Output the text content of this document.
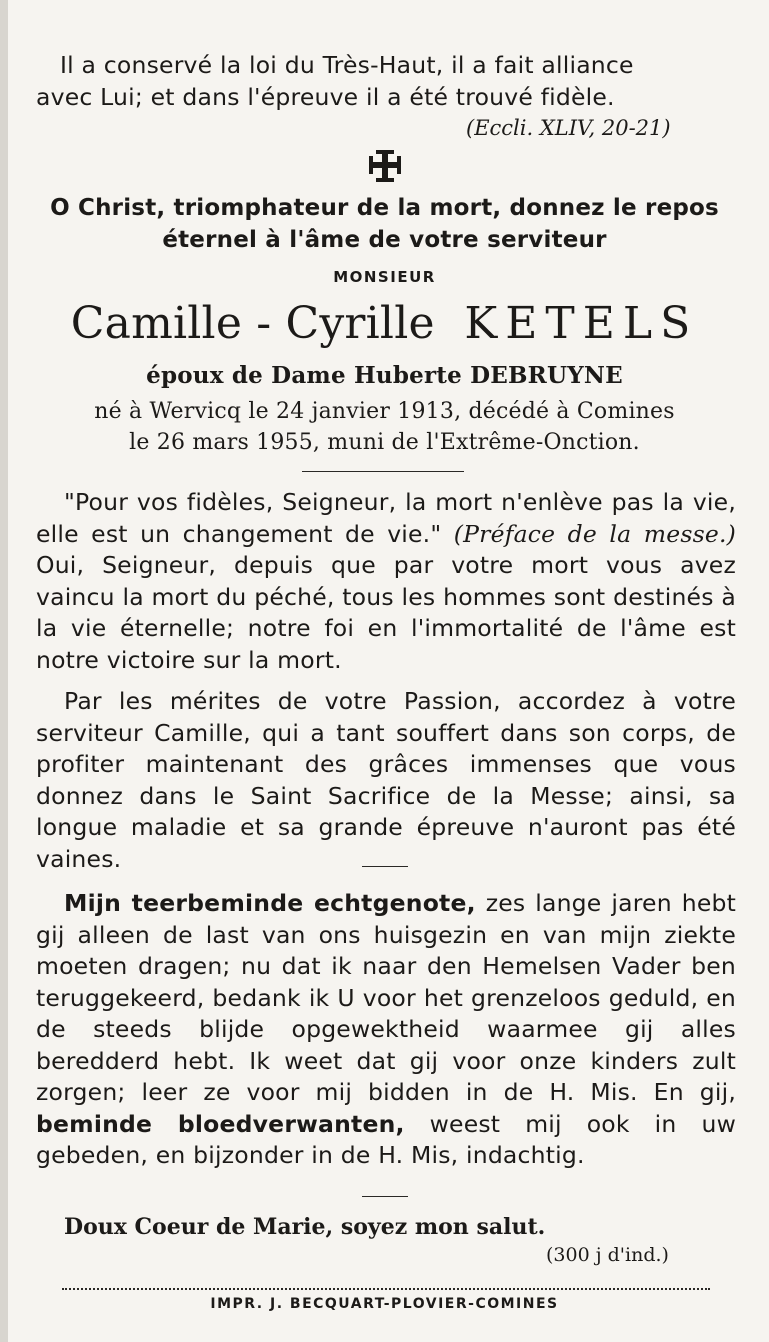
Il a conservé la loi du Très-Haut, il a fait alliance
avec Lui; et dans l'épreuve il a été trouvé fidèle.
(Eccli. XLIV, 20-21)
O Christ, triomphateur de la mort, donnez le repos
éternel à l'âme de votre serviteur
MONSIEUR
Camille - Cyrille KETELS
époux de Dame Huberte DEBRUYNE
né à Wervicq le 24 janvier 1913, décédé à Comines
le 26 mars 1955, muni de l'Extrême-Onction.
"Pour vos fidèles, Seigneur, la mort n'enlève pas la vie, elle est un changement de vie." (Préface de la messe.) Oui, Seigneur, depuis que par votre mort vous avez vaincu la mort du péché, tous les hommes sont destinés à la vie éternelle; notre foi en l'immortalité de l'âme est notre victoire sur la mort.
Par les mérites de votre Passion, accordez à votre serviteur Camille, qui a tant souffert dans son corps, de profiter maintenant des grâces immenses que vous donnez dans le Saint Sacrifice de la Messe; ainsi, sa longue maladie et sa grande épreuve n'auront pas été vaines.
Mijn teerbeminde echtgenote, zes lange jaren hebt gij alleen de last van ons huisgezin en van mijn ziekte moeten dragen; nu dat ik naar den Hemelsen Vader ben teruggekeerd, bedank ik U voor het grenzeloos geduld, en de steeds blijde opgewektheid waarmee gij alles beredderd hebt. Ik weet dat gij voor onze kinders zult zorgen; leer ze voor mij bidden in de H. Mis. En gij, beminde bloedverwanten, weest mij ook in uw gebeden, en bijzonder in de H. Mis, indachtig.
Doux Coeur de Marie, soyez mon salut.
(300 j d'ind.)
IMPR. J. BECQUART-PLOVIER-COMINES
